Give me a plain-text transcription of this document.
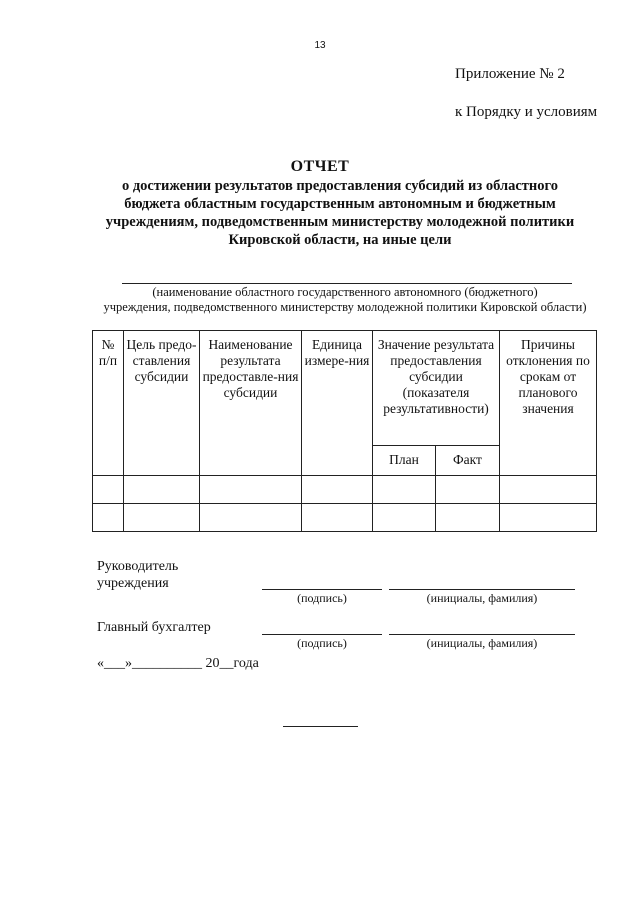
13
Приложение № 2
к Порядку и условиям
ОТЧЕТ
о достижении результатов предоставления субсидий из областного
бюджета областным государственным автономным и бюджетным
учреждениям, подведомственным министерству молодежной политики
Кировской области, на иные цели
(наименование областного государственного автономного (бюджетного)
учреждения, подведомственного министерству молодежной политики Кировской области)
№ п/п	Цель предо-ставления субсидии	Наименование результата предоставле-ния субсидии	Единица измере-ния	Значение результата предоставления субсидии (показателя результативности)		Причины отклонения по срокам от планового значения
				План	Факт	

Руководитель
учреждения
(подпись)	(инициалы, фамилия)
Главный бухгалтер
(подпись)	(инициалы, фамилия)
«___»__________ 20__года
